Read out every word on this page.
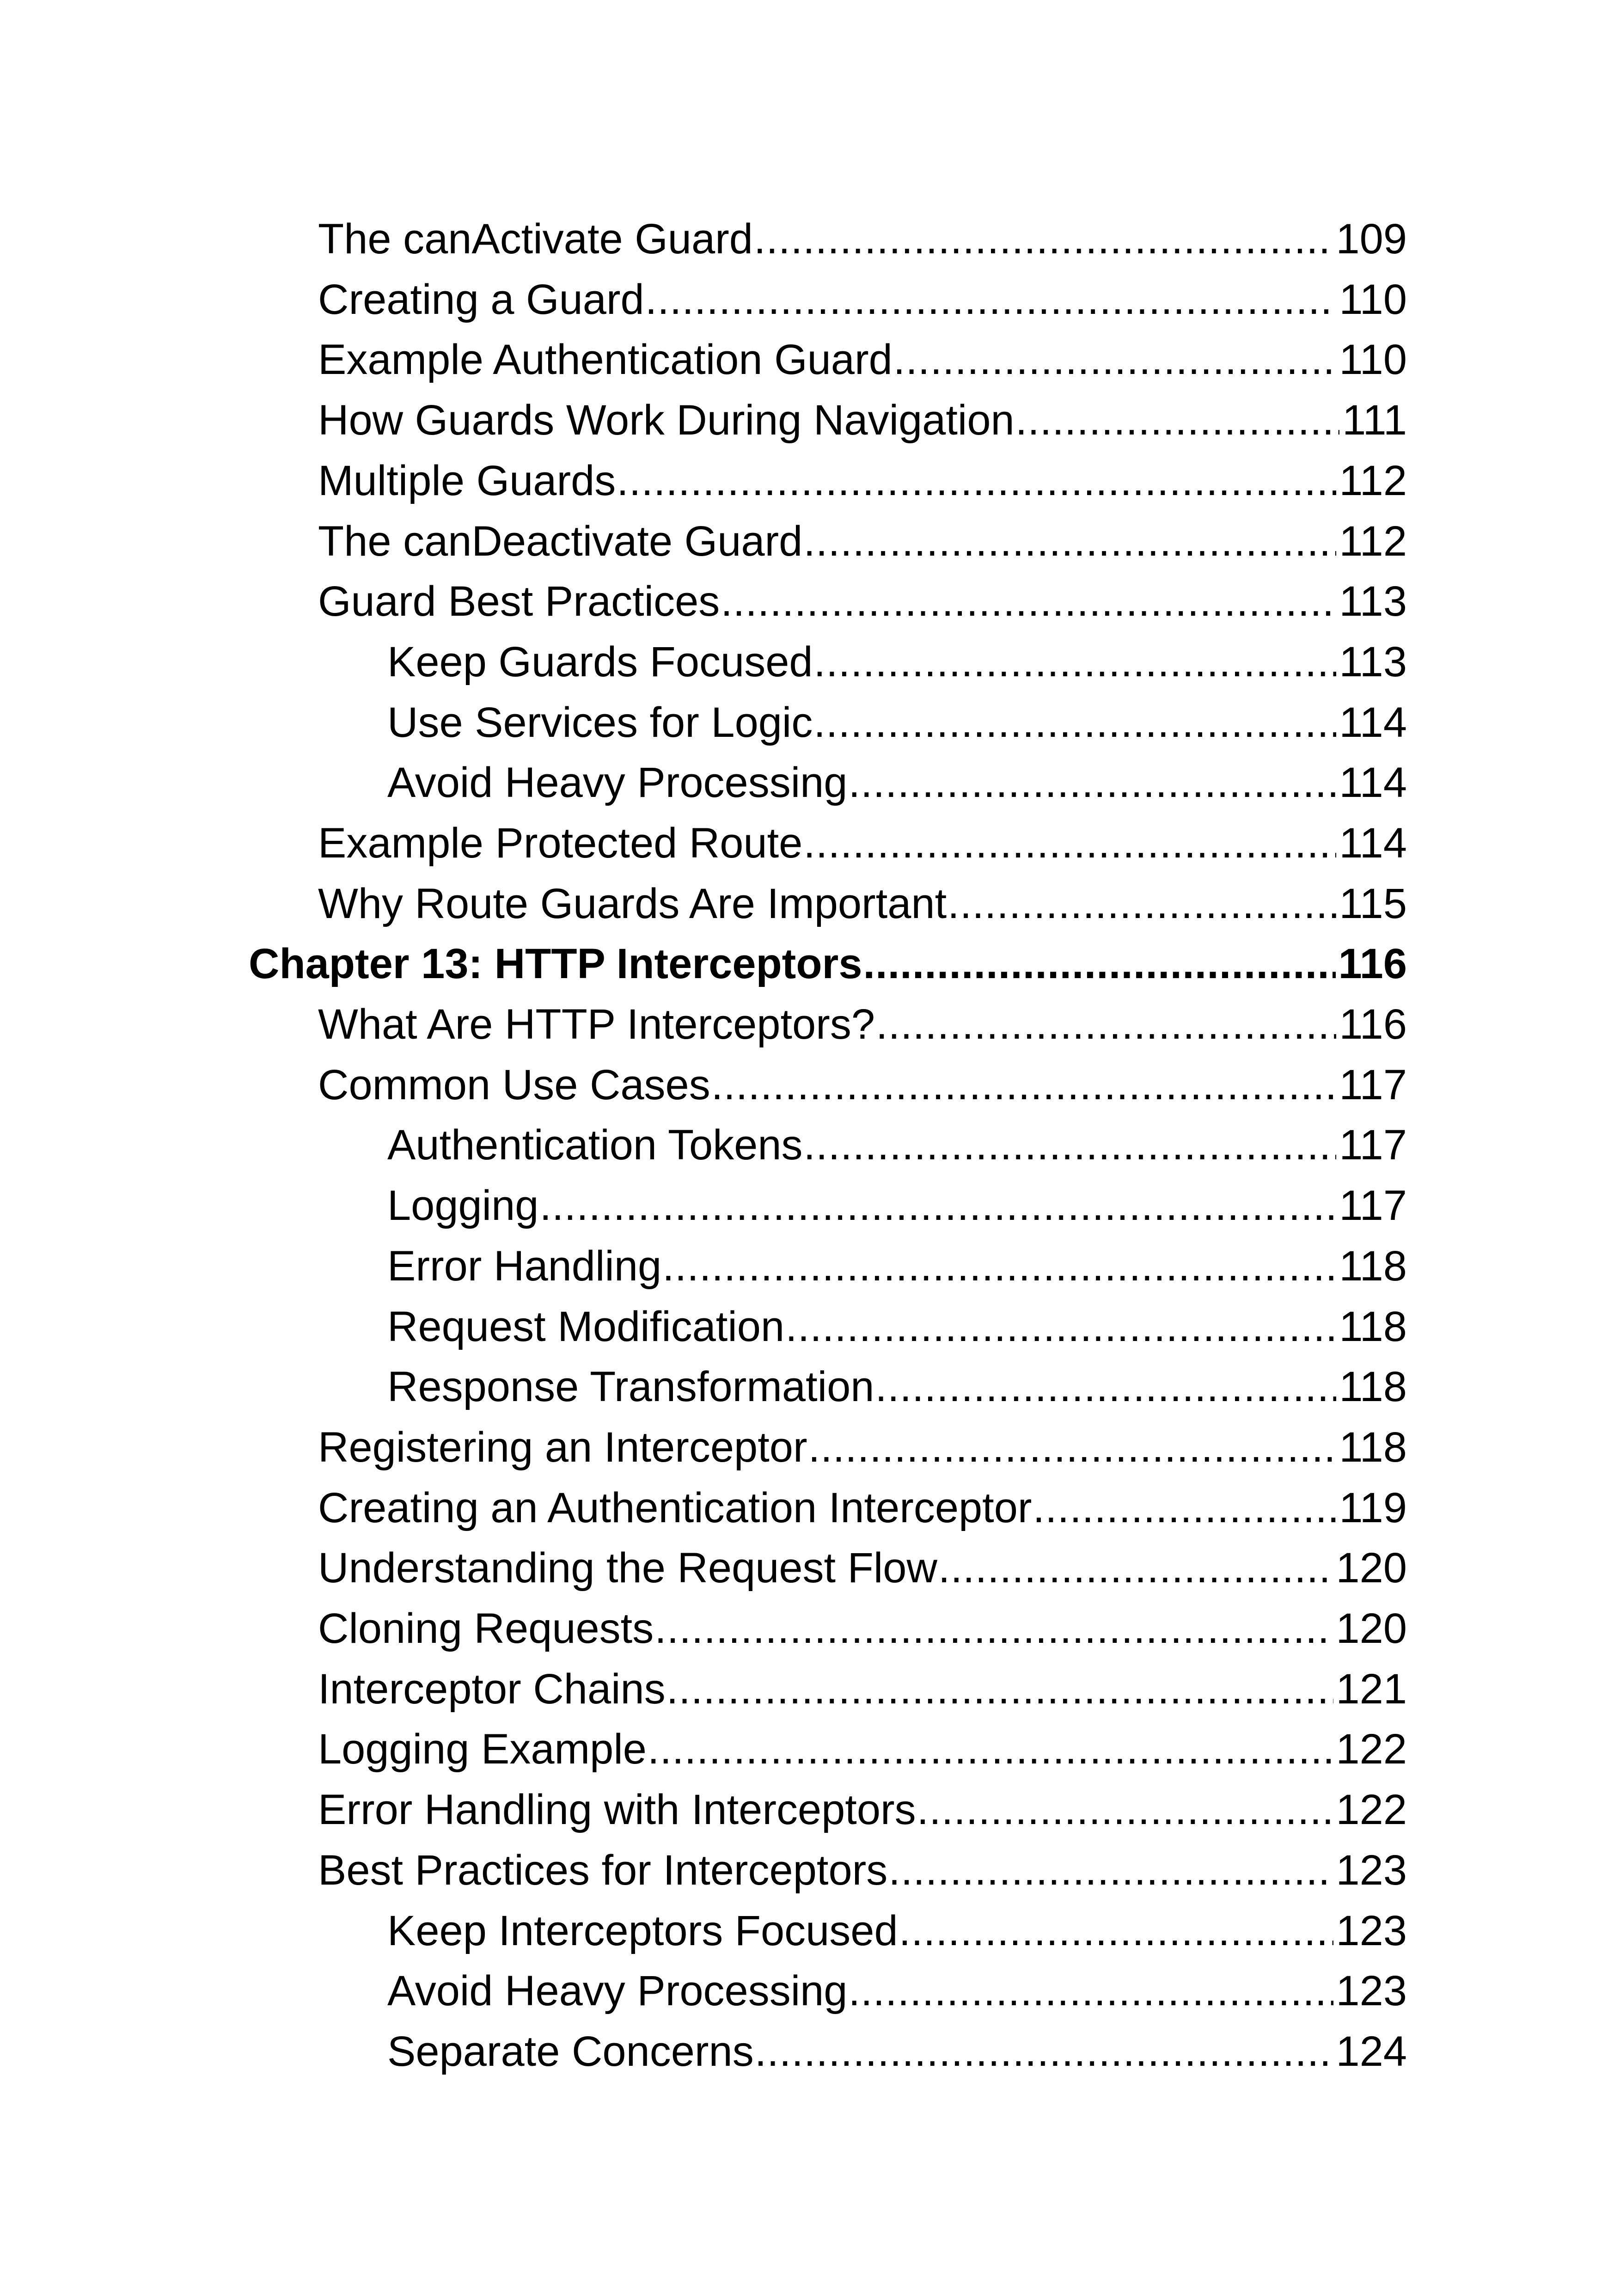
The canActivate Guard .....	109
Creating a Guard .....	110
Example Authentication Guard .....	110
How Guards Work During Navigation .....	111
Multiple Guards .....	112
The canDeactivate Guard .....	112
Guard Best Practices .....	113
Keep Guards Focused .....	113
Use Services for Logic .....	114
Avoid Heavy Processing .....	114
Example Protected Route .....	114
Why Route Guards Are Important .....	115
Chapter 13: HTTP Interceptors .....	116
What Are HTTP Interceptors? .....	116
Common Use Cases .....	117
Authentication Tokens .....	117
Logging .....	117
Error Handling .....	118
Request Modification .....	118
Response Transformation .....	118
Registering an Interceptor .....	118
Creating an Authentication Interceptor .....	119
Understanding the Request Flow .....	120
Cloning Requests .....	120
Interceptor Chains .....	121
Logging Example .....	122
Error Handling with Interceptors .....	122
Best Practices for Interceptors .....	123
Keep Interceptors Focused .....	123
Avoid Heavy Processing .....	123
Separate Concerns .....	124
